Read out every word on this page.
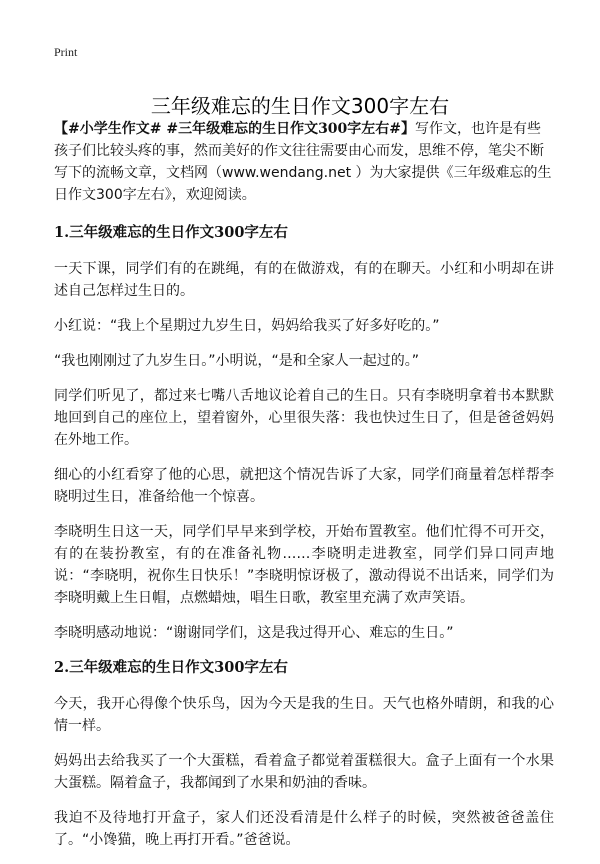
Print
三年级难忘的生日作文300字左右

【#小学生作文# #三年级难忘的生日作文300字左右#】写作文，也许是有些孩子们比较头疼的事，然而美好的作文往往需要由心而发，思维不停，笔尖不断写下的流畅文章，文档网（www.wendang.net ）为大家提供《三年级难忘的生日作文300字左右》，欢迎阅读。

1.三年级难忘的生日作文300字左右

一天下课，同学们有的在跳绳，有的在做游戏，有的在聊天。小红和小明却在讲述自己怎样过生日的。

小红说：“我上个星期过九岁生日，妈妈给我买了好多好吃的。”

“我也刚刚过了九岁生日。”小明说，“是和全家人一起过的。”

同学们听见了，都过来七嘴八舌地议论着自己的生日。只有李晓明拿着书本默默地回到自己的座位上，望着窗外，心里很失落：我也快过生日了，但是爸爸妈妈在外地工作。

细心的小红看穿了他的心思，就把这个情况告诉了大家，同学们商量着怎样帮李晓明过生日，准备给他一个惊喜。

李晓明生日这一天，同学们早早来到学校，开始布置教室。他们忙得不可开交，有的在装扮教室，有的在准备礼物……李晓明走进教室，同学们异口同声地说：“李晓明，祝你生日快乐！”李晓明惊讶极了，激动得说不出话来，同学们为李晓明戴上生日帽，点燃蜡烛，唱生日歌，教室里充满了欢声笑语。

李晓明感动地说：“谢谢同学们，这是我过得开心、难忘的生日。”

2.三年级难忘的生日作文300字左右

今天，我开心得像个快乐鸟，因为今天是我的生日。天气也格外晴朗，和我的心情一样。

妈妈出去给我买了一个大蛋糕，看着盒子都觉着蛋糕很大。盒子上面有一个水果大蛋糕。隔着盒子，我都闻到了水果和奶油的香味。

我迫不及待地打开盒子，家人们还没看清是什么样子的时候，突然被爸爸盖住了。“小馋猫，晚上再打开看。”爸爸说。
